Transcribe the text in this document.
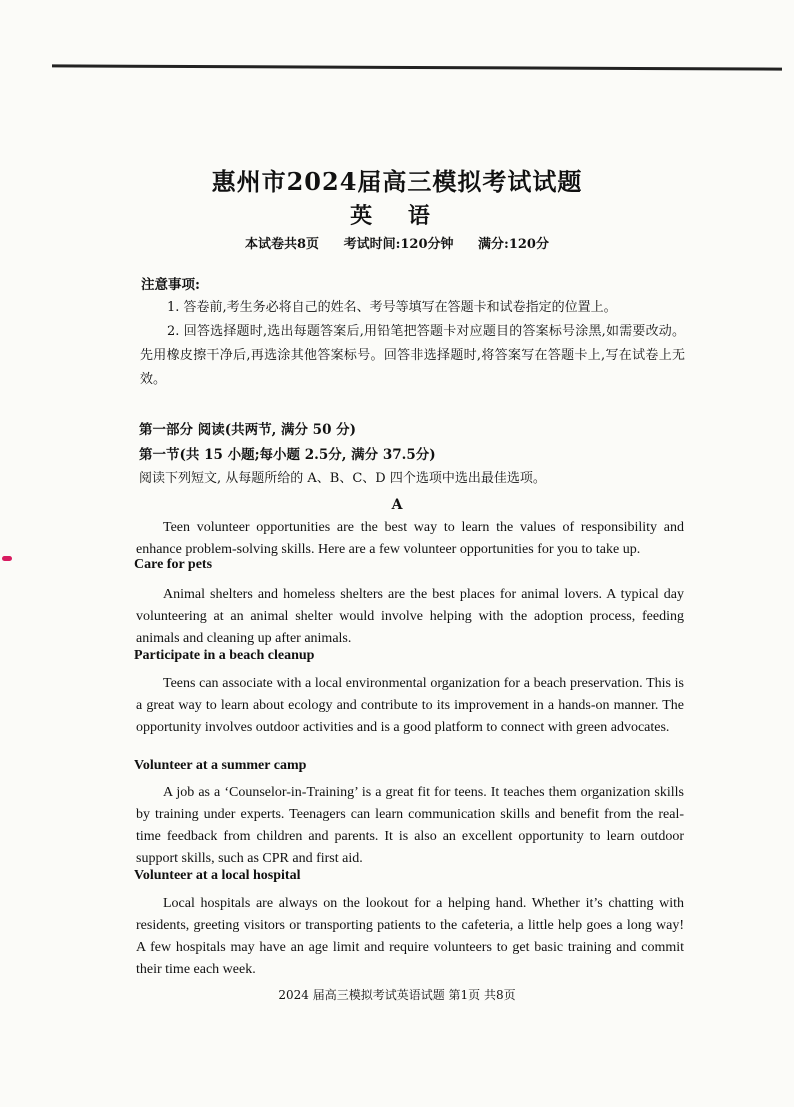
惠州市2024届高三模拟考试试题
英 语
本试卷共8页 考试时间:120分钟 满分:120分
注意事项:
1. 答卷前,考生务必将自己的姓名、考号等填写在答题卡和试卷指定的位置上。
2. 回答选择题时,选出每题答案后,用铅笔把答题卡对应题目的答案标号涂黑,如需要改动。先用橡皮擦干净后,再选涂其他答案标号。回答非选择题时,将答案写在答题卡上,写在试卷上无效。
第一部分 阅读(共两节, 满分 50 分)
第一节(共 15 小题;每小题 2.5分, 满分 37.5分)
阅读下列短文, 从每题所给的 A、B、C、D 四个选项中选出最佳选项。
A
Teen volunteer opportunities are the best way to learn the values of responsibility and enhance problem-solving skills. Here are a few volunteer opportunities for you to take up.
Care for pets
Animal shelters and homeless shelters are the best places for animal lovers. A typical day volunteering at an animal shelter would involve helping with the adoption process, feeding animals and cleaning up after animals.
Participate in a beach cleanup
Teens can associate with a local environmental organization for a beach preservation. This is a great way to learn about ecology and contribute to its improvement in a hands-on manner. The opportunity involves outdoor activities and is a good platform to connect with green advocates.
Volunteer at a summer camp
A job as a ‘Counselor-in-Training’ is a great fit for teens. It teaches them organization skills by training under experts. Teenagers can learn communication skills and benefit from the real-time feedback from children and parents. It is also an excellent opportunity to learn outdoor support skills, such as CPR and first aid.
Volunteer at a local hospital
Local hospitals are always on the lookout for a helping hand. Whether it’s chatting with residents, greeting visitors or transporting patients to the cafeteria, a little help goes a long way! A few hospitals may have an age limit and require volunteers to get basic training and commit their time each week.
2024 届高三模拟考试英语试题 第1页 共8页
